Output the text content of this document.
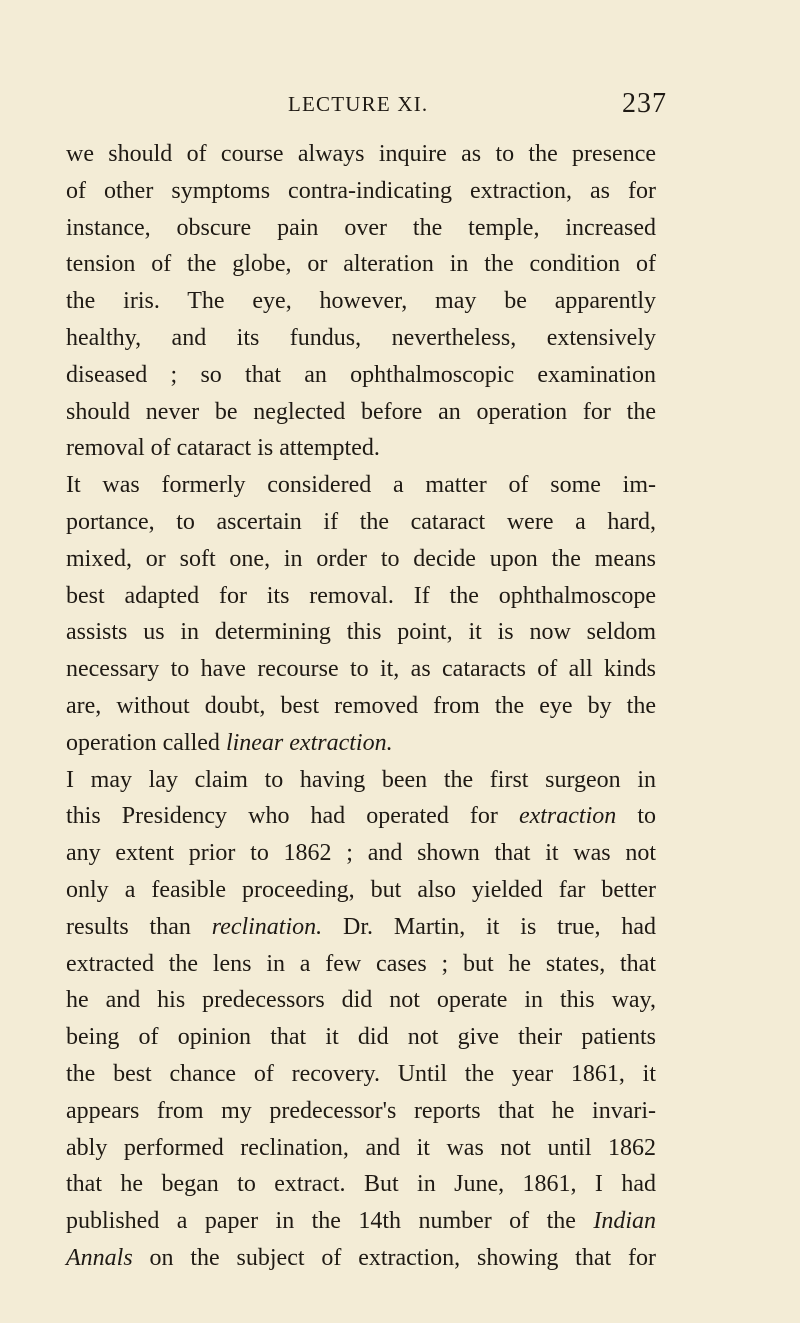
LECTURE XI.	237
we should of course always inquire as to the presence
of other symptoms contra-indicating extraction, as for
instance, obscure pain over the temple, increased
tension of the globe, or alteration in the condition of
the iris. The eye, however, may be apparently
healthy, and its fundus, nevertheless, extensively
diseased ; so that an ophthalmoscopic examination
should never be neglected before an operation for the
removal of cataract is attempted.
It was formerly considered a matter of some im-
portance, to ascertain if the cataract were a hard,
mixed, or soft one, in order to decide upon the means
best adapted for its removal. If the ophthalmoscope
assists us in determining this point, it is now seldom
necessary to have recourse to it, as cataracts of all kinds
are, without doubt, best removed from the eye by the
operation called linear extraction.
I may lay claim to having been the first surgeon in
this Presidency who had operated for extraction to
any extent prior to 1862 ; and shown that it was not
only a feasible proceeding, but also yielded far better
results than reclination. Dr. Martin, it is true, had
extracted the lens in a few cases ; but he states, that
he and his predecessors did not operate in this way,
being of opinion that it did not give their patients
the best chance of recovery. Until the year 1861, it
appears from my predecessor's reports that he invari-
ably performed reclination, and it was not until 1862
that he began to extract. But in June, 1861, I had
published a paper in the 14th number of the Indian
Annals on the subject of extraction, showing that for
